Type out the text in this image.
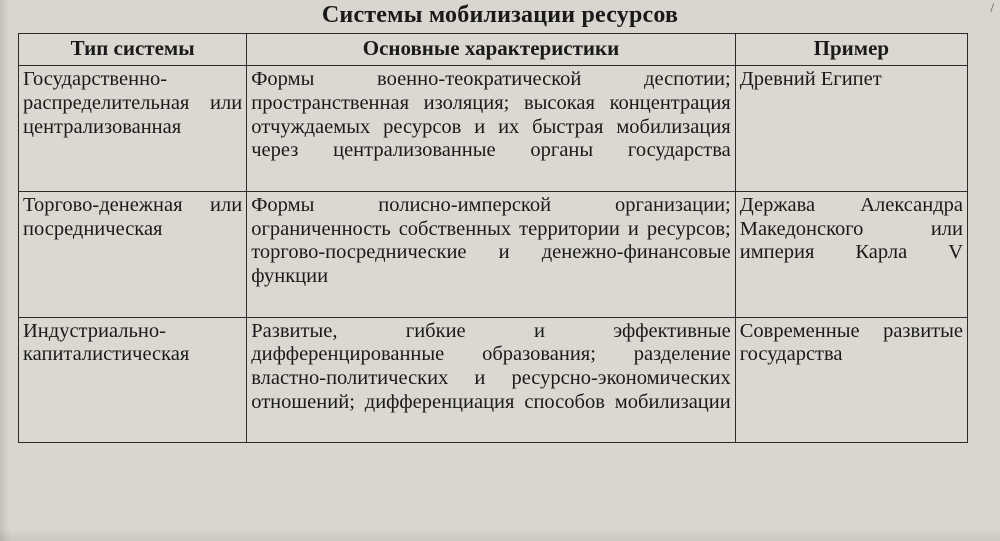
/
Системы мобилизации ресурсов
Тип системы	Основные характеристики	Пример

Государственно-распределительная или централизованная	Формы военно-теократической деспотии; пространственная изоляция; высокая концентрация отчуждаемых ресурсов и их быстрая мобилизация через централизованные органы государства	Древний Египет

Торгово-денежная или посредническая	Формы полисно-имперской организации; ограниченность собственных территории и ресурсов; торгово-посреднические и денежно-финансовые функции	Держава Александра Македонского или империя Карла V

Индустриально-капиталистическая	Развитые, гибкие и эффективные дифференцированные образования; разделение властно-политических и ресурсно-экономических отношений; дифференциация способов мобилизации	Современные развитые государства
